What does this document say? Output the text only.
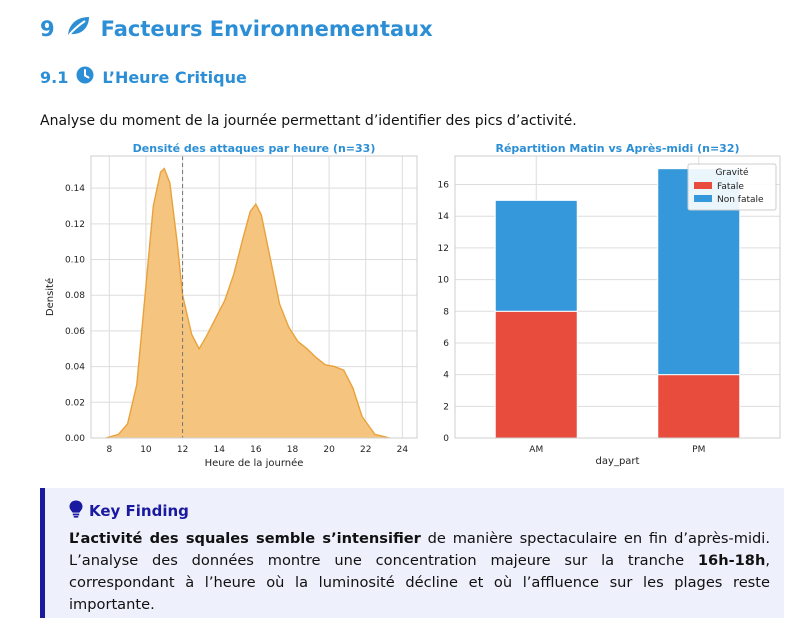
9 Facteurs Environnementaux
9.1 L’Heure Critique
Analyse du moment de la journée permettant d’identifier des pics d’activité.
Densité des attaques par heure (n=33)
8	10	12	14	16	18	20	22	24
0.00
0.02
0.04
0.06
0.08
0.10
0.12
0.14
Heure de la journée
Densité
Répartition Matin vs Après-midi (n=32)
AM	PM
0
2
4
6
8
10
12
14
16
day_part
Gravité
Fatale
Non fatale
Key Finding
L’activité des squales semble s’intensifier de manière spectaculaire en fin d’après-midi. L’analyse des données montre une concentration majeure sur la tranche 16h-18h, correspondant à l’heure où la luminosité décline et où l’affluence sur les plages reste importante.
